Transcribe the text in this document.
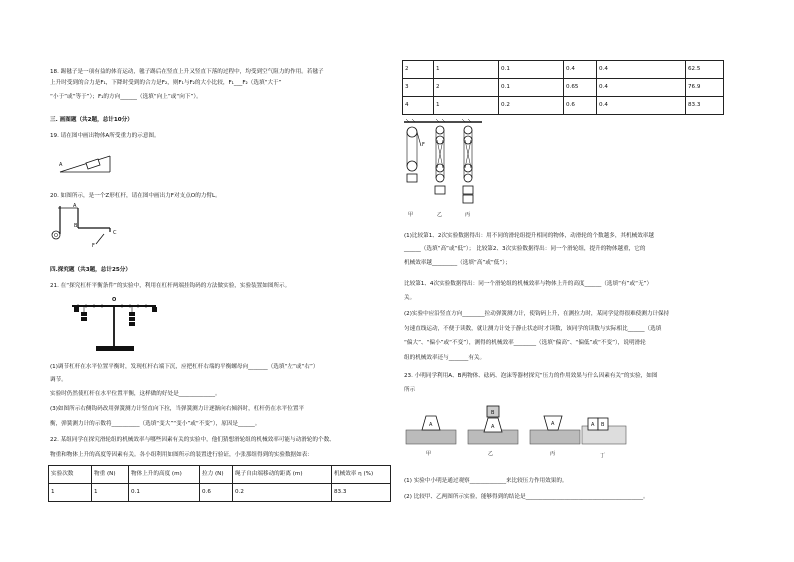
18. 踢毽子是一项有益的体育运动，毽子踢后在竖直上升又竖直下落的过程中，均受到空气阻力的作用。若毽子
上升时受到的合力是F₁，下降时受到的合力是F₂，则F₁与F₂的大小比较，F₁___F₂（选填“大于”
“小于”或“等于”）；F₁的方向______（选填“向上”或“向下”）。
三. 画图题（共2题，总计10分）
19. 请在图中画出物体A所受重力的示意图。
A
20. 如图所示，是一个Z形杠杆，请在图中画出力F对支点O的力臂L。
A
B
C
O
F
四.探究题（共3题，总计25分）
21. 在“探究杠杆平衡条件”的实验中，利用在杠杆两端挂钩码的方法做实验，实验装置如图所示。
O
(1)调节杠杆在水平位置平衡时，发现杠杆右端下沉，应把杠杆右端的平衡螺母向_______（选填“左”或“右”）
调节。
实验时仍然使杠杆在水平位置平衡，这样做的好处是_____________。
(3)如图所示右侧钩码改用弹簧测力计竖直向下拉，当弹簧测力计逐渐向右倾斜时，杠杆仍在水平位置平
衡，弹簧测力计的示数将__________（选填“变大”“变小”或“不变”），原因是______。
22. 某组同学在探究滑轮组的机械效率与哪些因素有关的实验中，他们猜想滑轮组的机械效率可能与动滑轮的个数、
物重和物体上升的高度等因素有关。各小组利用如图所示的装置进行验证，小张那组得到的实验数据如表：
实验次数	物重 (N)	物体上升的高度 (m)	拉力 (N)	绳子自由端移动的距离 (m)	机械效率 η (%)
1	1	0.1	0.6	0.2	83.3
2	1	0.1	0.4	0.4	62.5
3	2	0.1	0.65	0.4	76.9
4	1	0.2	0.6	0.4	83.3
F
甲	乙	丙
(1)比较第1、2次实验数据得出：用不同的滑轮组提升相同的物体，动滑轮的个数越多，其机械效率越
______（选填“高”或“低”）； 比较第2、3次实验数据得出：同一个滑轮组，提升的物体越重，它的
机械效率越_________（选填“高”或“低”）；
比较第1、4次实验数据得出：同一个滑轮组的机械效率与物体上升的高度______（选填“有”或“无”）
关。
(2)实验中应沿竖直方向________拉动弹簧测力计，使钩码上升，在测拉力时，某同学觉得很难使测力计保持
匀速直线运动，不便于读数，就让测力计处于静止状态时才读数，该同学的读数与实际相比______（选填
“偏大”、“偏小”或“不变”），测得的机械效率________（选填“偏高”、“偏低”或“不变”），说明滑轮
组的机械效率还与_______有关。
23. 小明同学利用A、B两物体、砝码、泡沫等器材探究“压力的作用效果与什么因素有关”的实验，如图
所示
A
B
A	A	A B
甲	乙	丙	丁
(1) 实验中小明是通过观察_____________来比较压力作用效果的。
(2) 比较甲、乙两图所示实验，能够得到的结论是__________________________________________。
